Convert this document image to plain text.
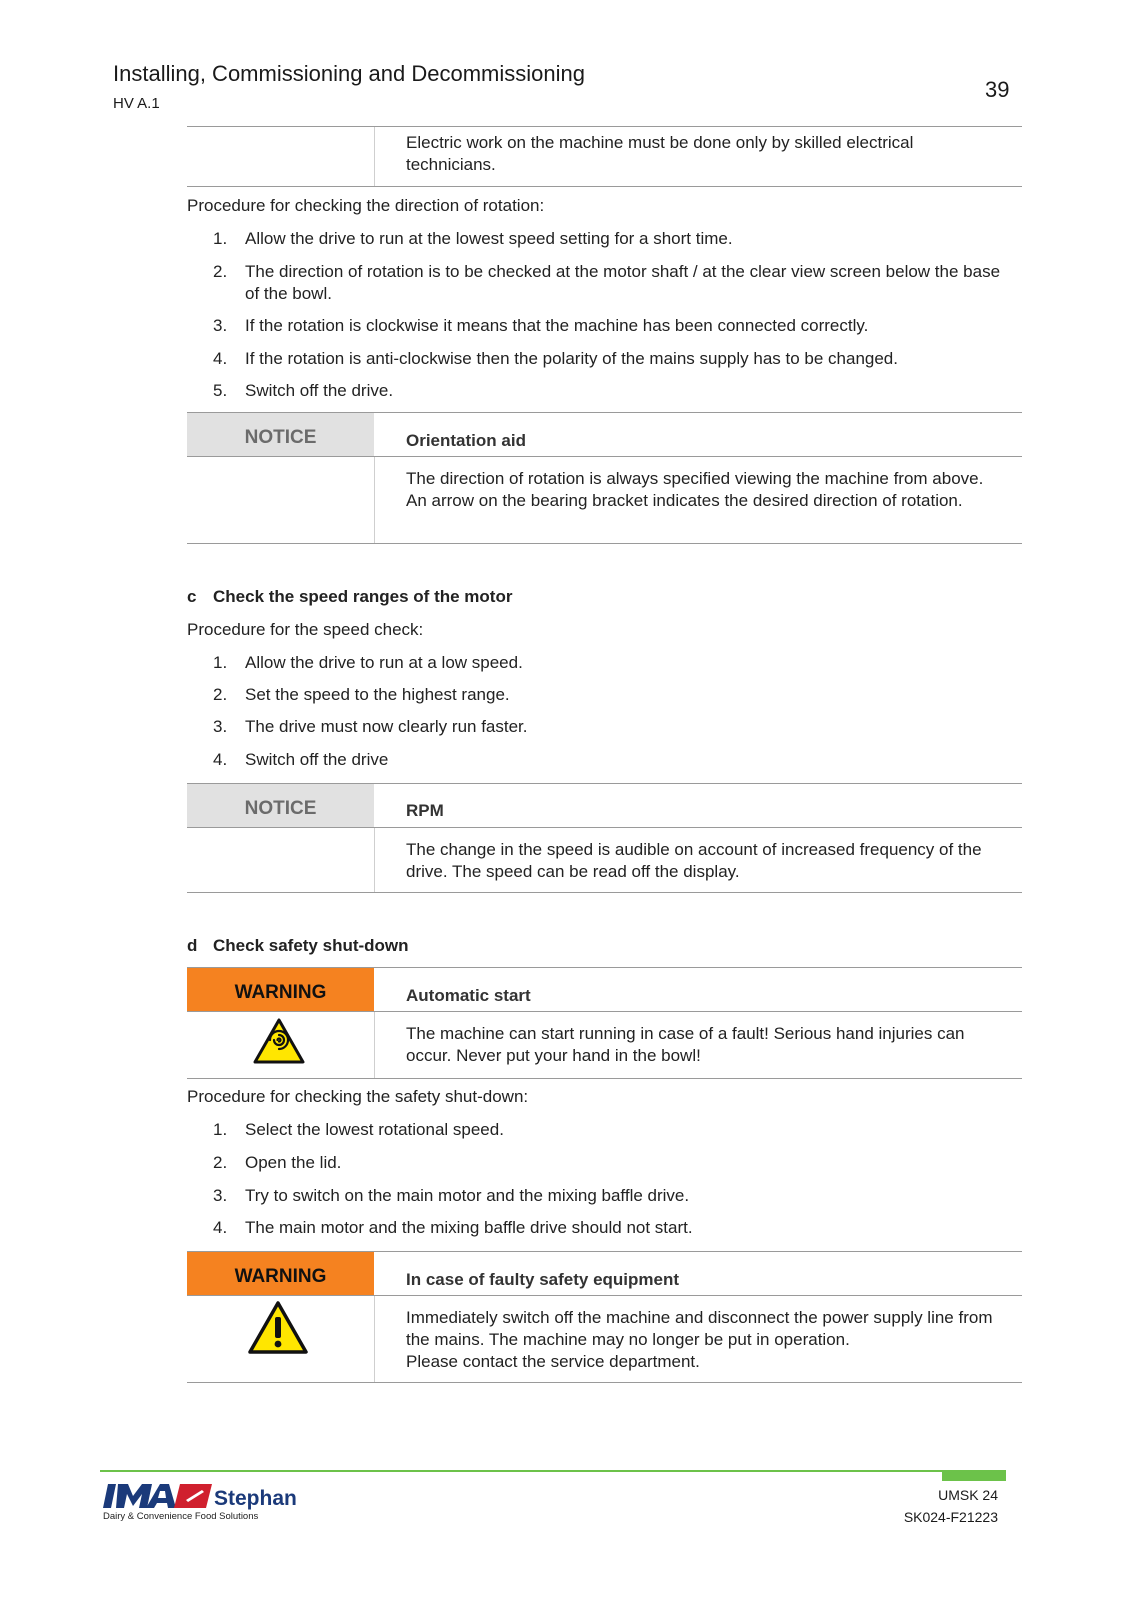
Installing, Commissioning and Decommissioning
HV A.1
39
Electric work on the machine must be done only by skilled electrical technicians.
Procedure for checking the direction of rotation:
1.	Allow the drive to run at the lowest speed setting for a short time.
2.	The direction of rotation is to be checked at the motor shaft / at the clear view screen below the base of the bowl.
3.	If the rotation is clockwise it means that the machine has been connected correctly.
4.	If the rotation is anti-clockwise then the polarity of the mains supply has to be changed.
5.	Switch off the drive.
NOTICE	Orientation aid
The direction of rotation is always specified viewing the machine from above. An arrow on the bearing bracket indicates the desired direction of rotation.
c Check the speed ranges of the motor
Procedure for the speed check:
1.	Allow the drive to run at a low speed.
2.	Set the speed to the highest range.
3.	The drive must now clearly run faster.
4.	Switch off the drive
NOTICE	RPM
The change in the speed is audible on account of increased frequency of the drive. The speed can be read off the display.
d Check safety shut-down
WARNING	Automatic start
The machine can start running in case of a fault! Serious hand injuries can occur. Never put your hand in the bowl!
Procedure for checking the safety shut-down:
1.	Select the lowest rotational speed.
2.	Open the lid.
3.	Try to switch on the main motor and the mixing baffle drive.
4.	The main motor and the mixing baffle drive should not start.
WARNING	In case of faulty safety equipment
Immediately switch off the machine and disconnect the power supply line from the mains. The machine may no longer be put in operation.
Please contact the service department.
Stephan
Dairy & Convenience Food Solutions
UMSK 24
SK024-F21223
